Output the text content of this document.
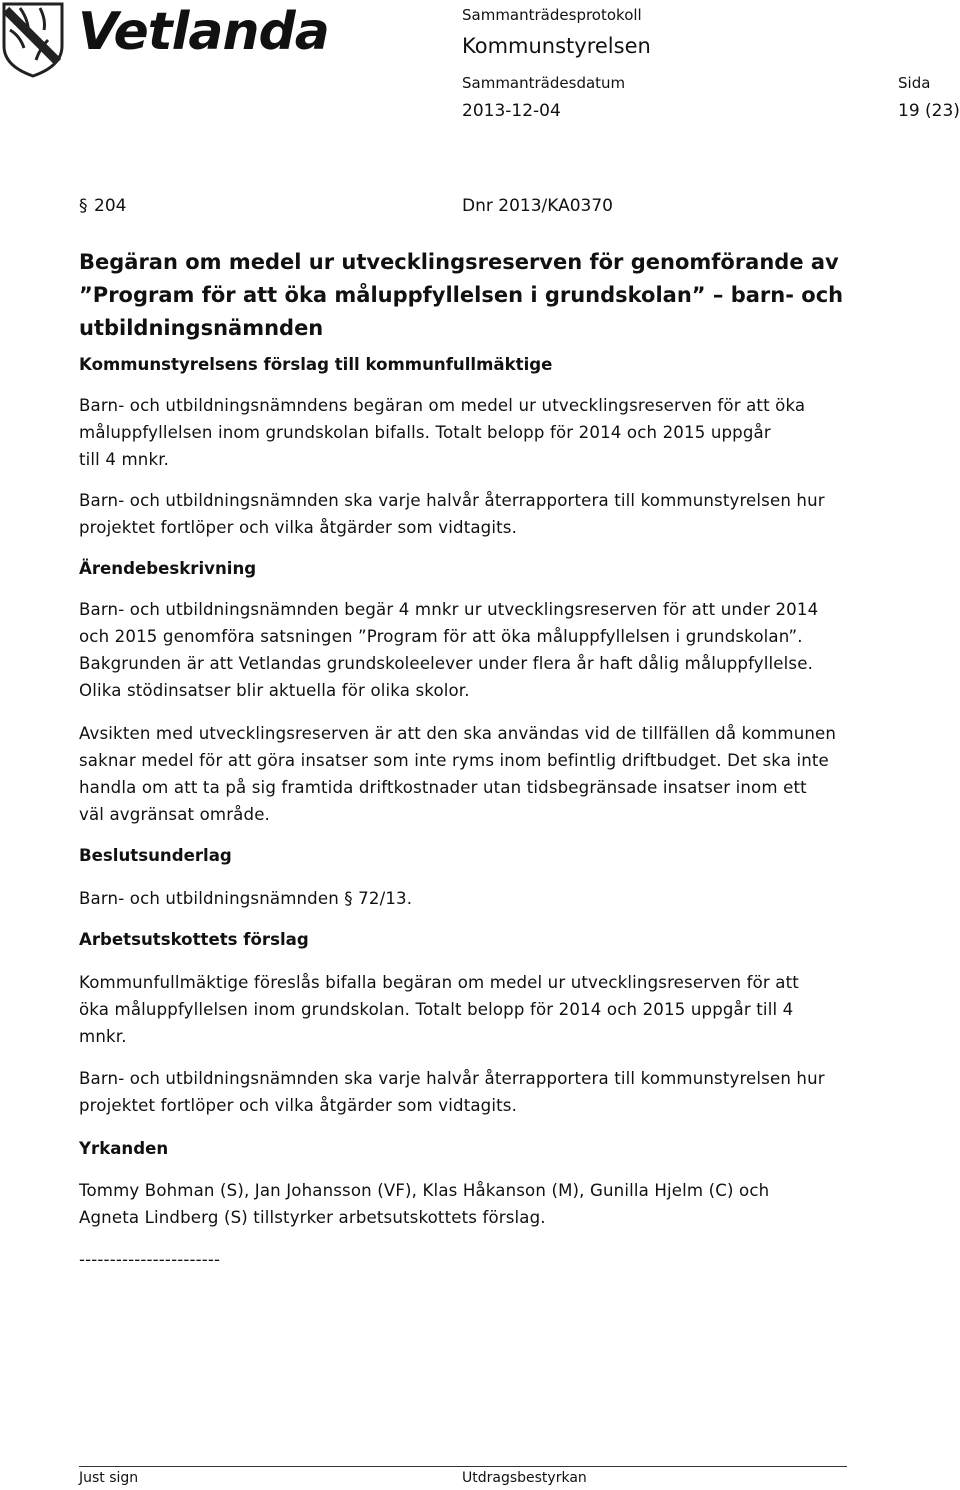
Vetlanda	Sammanträdesprotokoll
Kommunstyrelsen
Sammanträdesdatum	Sida
2013-12-04	19 (23)
§ 204	Dnr 2013/KA0370

Begäran om medel ur utvecklingsreserven för genomförande av

”Program för att öka måluppfyllelsen i grundskolan” – barn- och

utbildningsnämnden

Kommunstyrelsens förslag till kommunfullmäktige

Barn- och utbildningsnämndens begäran om medel ur utvecklingsreserven för att öka

måluppfyllelsen inom grundskolan bifalls. Totalt belopp för 2014 och 2015 uppgår

till 4 mnkr.

Barn- och utbildningsnämnden ska varje halvår återrapportera till kommunstyrelsen hur

projektet fortlöper och vilka åtgärder som vidtagits.

Ärendebeskrivning

Barn- och utbildningsnämnden begär 4 mnkr ur utvecklingsreserven för att under 2014

och 2015 genomföra satsningen ”Program för att öka måluppfyllelsen i grundskolan”.

Bakgrunden är att Vetlandas grundskoleelever under flera år haft dålig måluppfyllelse.

Olika stödinsatser blir aktuella för olika skolor.

Avsikten med utvecklingsreserven är att den ska användas vid de tillfällen då kommunen

saknar medel för att göra insatser som inte ryms inom befintlig driftbudget. Det ska inte

handla om att ta på sig framtida driftkostnader utan tidsbegränsade insatser inom ett

väl avgränsat område.

Beslutsunderlag

Barn- och utbildningsnämnden § 72/13.

Arbetsutskottets förslag

Kommunfullmäktige föreslås bifalla begäran om medel ur utvecklingsreserven för att

öka måluppfyllelsen inom grundskolan. Totalt belopp för 2014 och 2015 uppgår till 4

mnkr.

Barn- och utbildningsnämnden ska varje halvår återrapportera till kommunstyrelsen hur

projektet fortlöper och vilka åtgärder som vidtagits.

Yrkanden

Tommy Bohman (S), Jan Johansson (VF), Klas Håkanson (M), Gunilla Hjelm (C) och

Agneta Lindberg (S) tillstyrker arbetsutskottets förslag.

-----------------------

Just sign	Utdragsbestyrkan
